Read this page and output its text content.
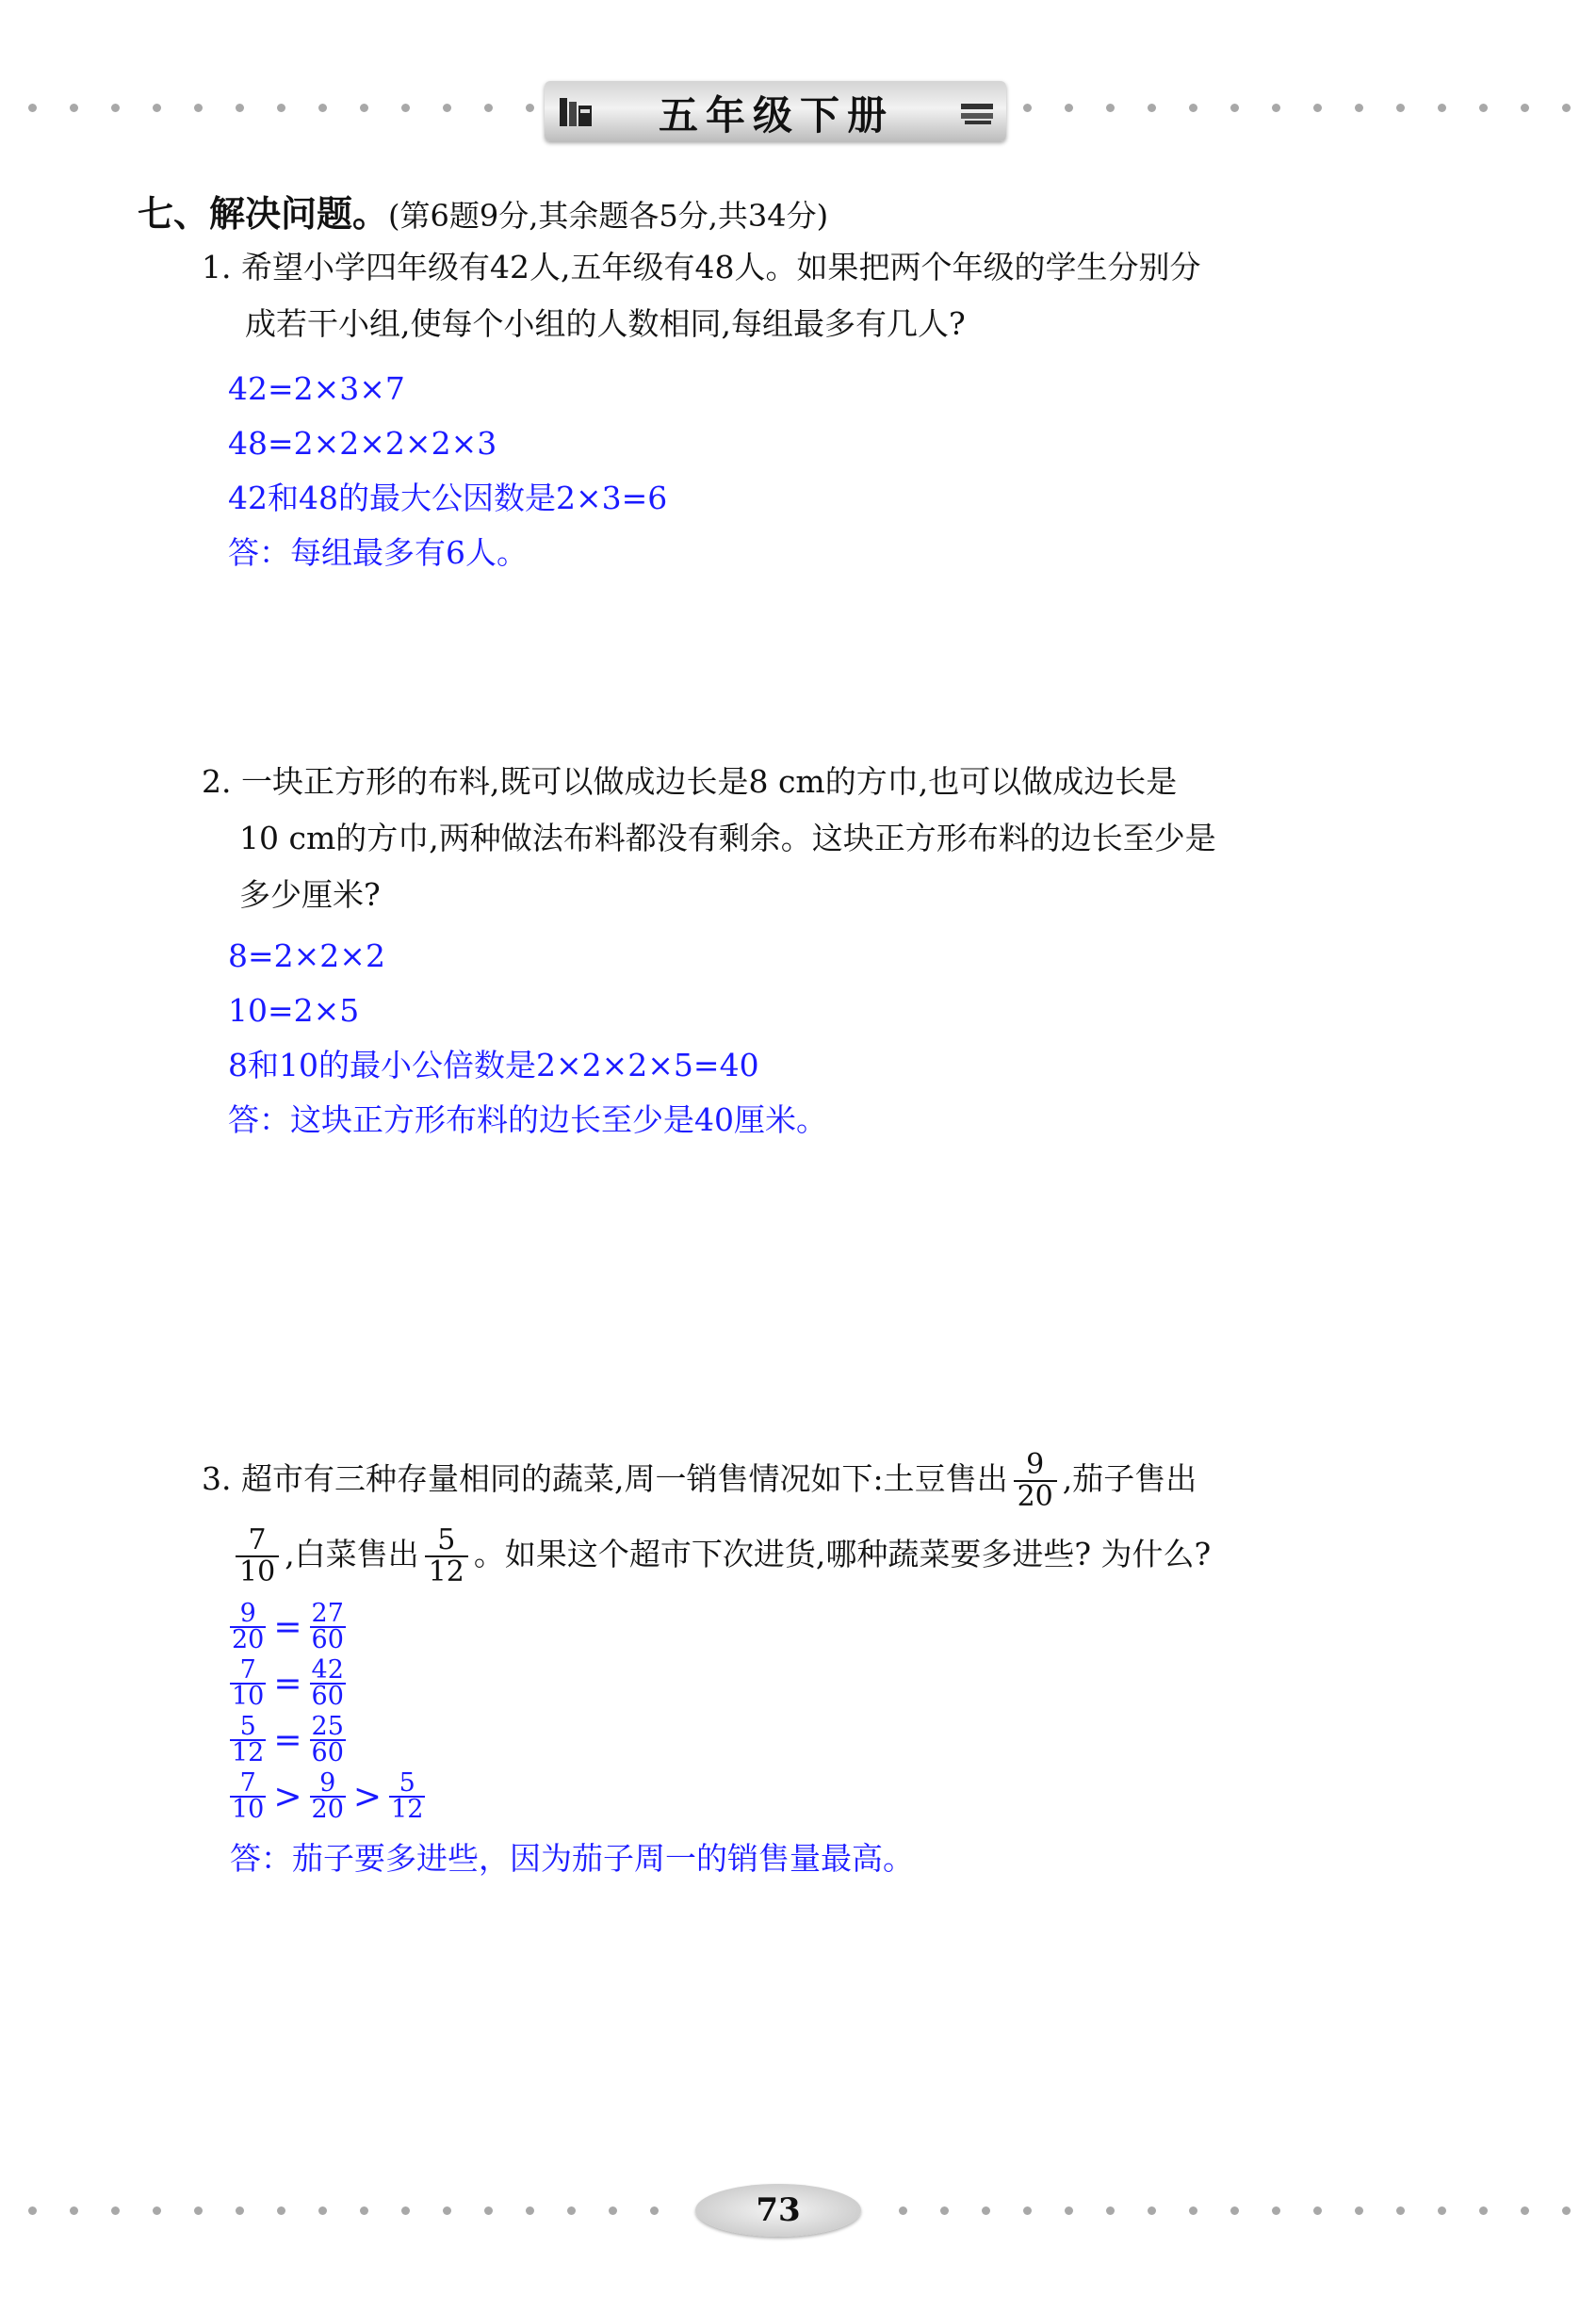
五年级下册
七、解决问题。(第6题9分,其余题各5分,共34分)
1. 希望小学四年级有42人,五年级有48人。如果把两个年级的学生分别分
成若干小组,使每个小组的人数相同,每组最多有几人?
42=2×3×7
48=2×2×2×2×3
42和48的最大公因数是2×3=6
答：每组最多有6人。
2. 一块正方形的布料,既可以做成边长是8 cm的方巾,也可以做成边长是
10 cm的方巾,两种做法布料都没有剩余。这块正方形布料的边长至少是
多少厘米?
8=2×2×2
10=2×5
8和10的最小公倍数是2×2×2×5=40
答：这块正方形布料的边长至少是40厘米。
3. 超市有三种存量相同的蔬菜,周一销售情况如下:土豆售出 $\frac{9}{20}$ ,茄子售出
$\frac{7}{10}$ ,白菜售出 $\frac{5}{12}$ 。如果这个超市下次进货,哪种蔬菜要多进些? 为什么?
$\frac{9}{20} = \frac{27}{60}$
$\frac{7}{10} = \frac{42}{60}$
$\frac{5}{12} = \frac{25}{60}$
$\frac{7}{10} > \frac{9}{20} > \frac{5}{12}$
答：茄子要多进些，因为茄子周一的销售量最高。
73
